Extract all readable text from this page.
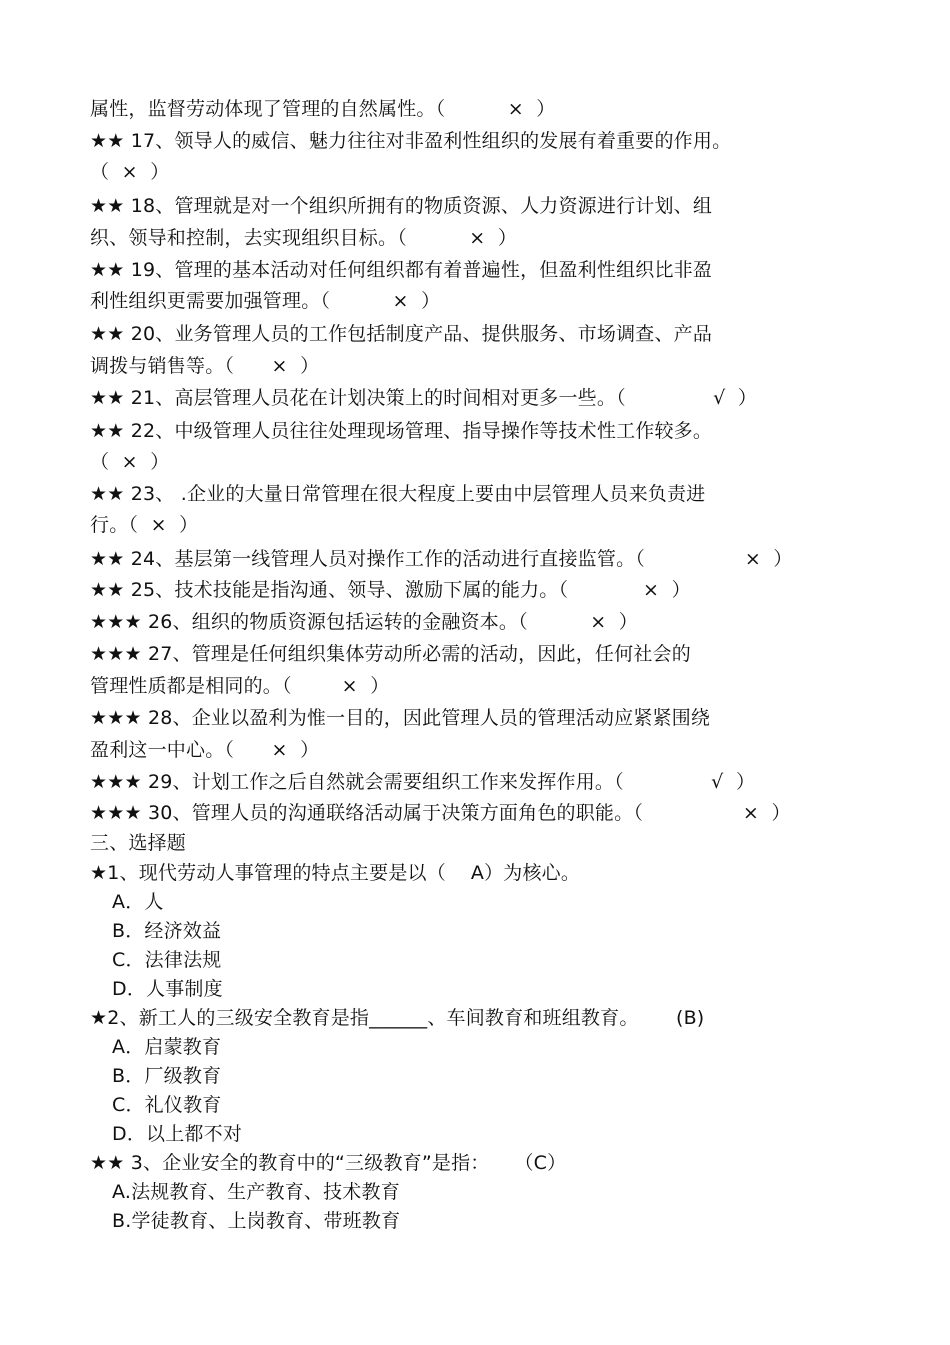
属性，监督劳动体现了管理的自然属性。（          ×  ）
★★ 17、领导人的威信、魅力往往对非盈利性组织的发展有着重要的作用。
（  ×  ）
★★ 18、管理就是对一个组织所拥有的物质资源、人力资源进行计划、组
织、领导和控制，去实现组织目标。（          ×  ）
★★ 19、管理的基本活动对任何组织都有着普遍性，但盈利性组织比非盈
利性组织更需要加强管理。（          ×  ）
★★ 20、业务管理人员的工作包括制度产品、提供服务、市场调查、产品
调拨与销售等。（      ×  ）
★★ 21、高层管理人员花在计划决策上的时间相对更多一些。（              √  ）
★★ 22、中级管理人员往往处理现场管理、指导操作等技术性工作较多。
（  ×  ）
★★ 23、 .企业的大量日常管理在很大程度上要由中层管理人员来负责进
行。（  ×  ）
★★ 24、基层第一线管理人员对操作工作的活动进行直接监管。（                ×  ）
★★ 25、技术技能是指沟通、领导、激励下属的能力。（            ×  ）
★★★ 26、组织的物质资源包括运转的金融资本。（          ×  ）
★★★ 27、管理是任何组织集体劳动所必需的活动，因此，任何社会的
管理性质都是相同的。（        ×  ）
★★★ 28、企业以盈利为惟一目的，因此管理人员的管理活动应紧紧围绕
盈利这一中心。（      ×  ）
★★★ 29、计划工作之后自然就会需要组织工作来发挥作用。（              √  ）
★★★ 30、管理人员的沟通联络活动属于决策方面角色的职能。（                ×  ）
三、选择题
★1、现代劳动人事管理的特点主要是以（    A）为核心。
A．人
B．经济效益
C．法律法规
D．人事制度
★2、新工人的三级安全教育是指______、车间教育和班组教育。      (B)
A．启蒙教育
B．厂级教育
C．礼仪教育
D．以上都不对
★★ 3、企业安全的教育中的“三级教育”是指：    （C）
A.法规教育、生产教育、技术教育
B.学徒教育、上岗教育、带班教育
